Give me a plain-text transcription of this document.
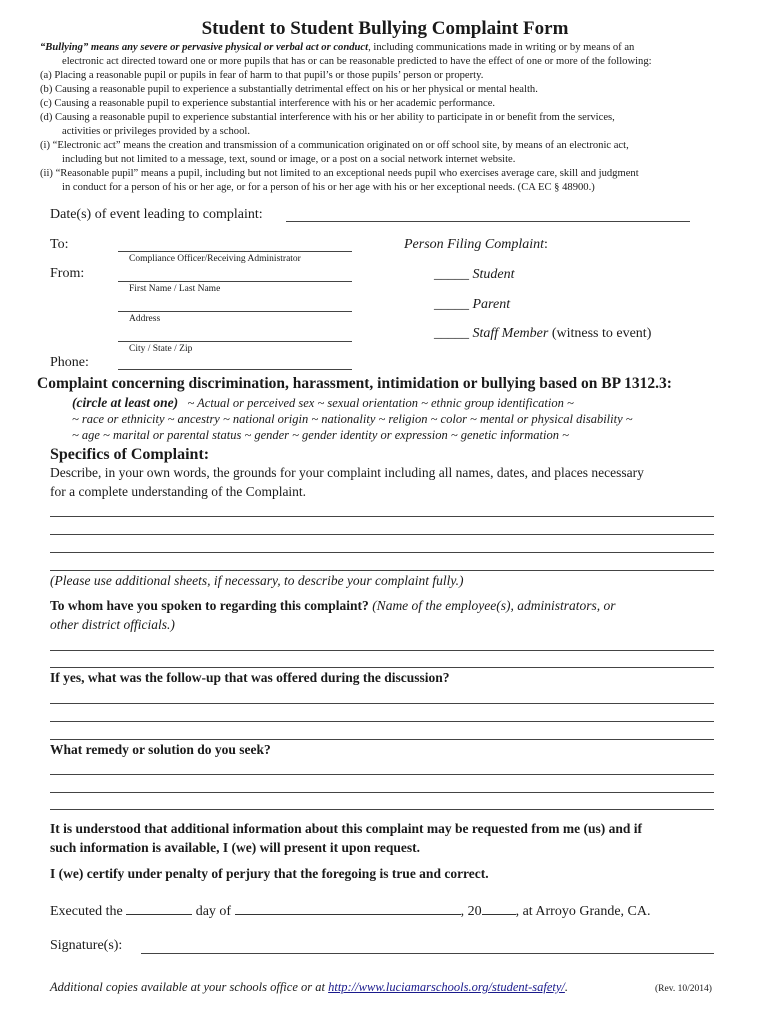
Student to Student Bullying Complaint Form
“Bullying” means any severe or pervasive physical or verbal act or conduct, including communications made in writing or by means of an
electronic act directed toward one or more pupils that has or can be reasonable predicted to have the effect of one or more of the following:
(a) Placing a reasonable pupil or pupils in fear of harm to that pupil’s or those pupils’ person or property.
(b) Causing a reasonable pupil to experience a substantially detrimental effect on his or her physical or mental health.
(c) Causing a reasonable pupil to experience substantial interference with his or her academic performance.
(d) Causing a reasonable pupil to experience substantial interference with his or her ability to participate in or benefit from the services,
activities or privileges provided by a school.
(i) “Electronic act” means the creation and transmission of a communication originated on or off school site, by means of an electronic act,
including but not limited to a message, text, sound or image, or a post on a social network internet website.
(ii) “Reasonable pupil” means a pupil, including but not limited to an exceptional needs pupil who exercises average care, skill and judgment
in conduct for a person of his or her age, or for a person of his or her age with his or her exceptional needs. (CA EC § 48900.)
Date(s) of event leading to complaint:
To:
Compliance Officer/Receiving Administrator
From:
First Name / Last Name
Address
City / State / Zip
Phone:
Person Filing Complaint:
_____ Student
_____ Parent
_____ Staff Member (witness to event)
Complaint concerning discrimination, harassment, intimidation or bullying based on BP 1312.3:
(circle at least one) ~ Actual or perceived sex ~ sexual orientation ~ ethnic group identification ~
~ race or ethnicity ~ ancestry ~ national origin ~ nationality ~ religion ~ color ~ mental or physical disability ~
~ age ~ marital or parental status ~ gender ~ gender identity or expression ~ genetic information ~
Specifics of Complaint:
Describe, in your own words, the grounds for your complaint including all names, dates, and places necessary
for a complete understanding of the Complaint.
(Please use additional sheets, if necessary, to describe your complaint fully.)
To whom have you spoken to regarding this complaint? (Name of the employee(s), administrators, or
other district officials.)
If yes, what was the follow-up that was offered during the discussion?
What remedy or solution do you seek?
It is understood that additional information about this complaint may be requested from me (us) and if
such information is available, I (we) will present it upon request.
I (we) certify under penalty of perjury that the foregoing is true and correct.
Executed the	day of	, 20 , at Arroyo Grande, CA.
Signature(s):
Additional copies available at your schools office or at http://www.luciamarschools.org/student-safety/.	(Rev. 10/2014)
